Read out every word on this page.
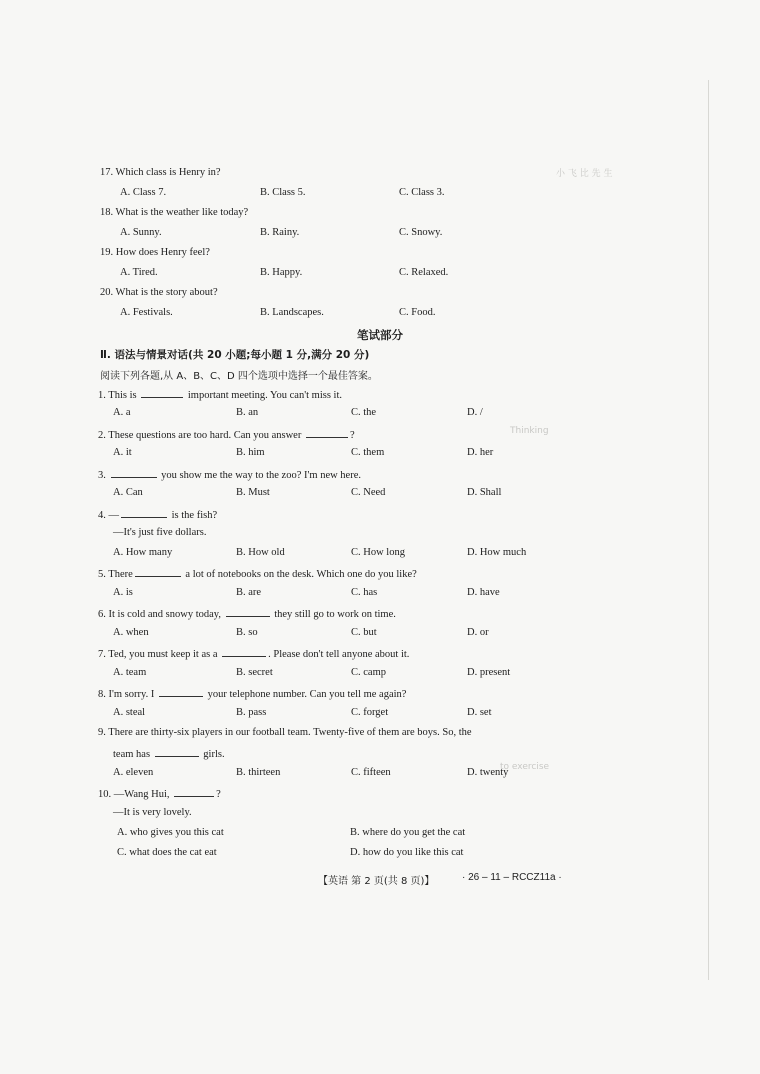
小 飞 比 先 生
Thinking
to exercise
17. Which class is Henry in?
A. Class 7.	B. Class 5.	C. Class 3.
18. What is the weather like today?
A. Sunny.	B. Rainy.	C. Snowy.
19. How does Henry feel?
A. Tired.	B. Happy.	C. Relaxed.
20. What is the story about?
A. Festivals.	B. Landscapes.	C. Food.
笔试部分
Ⅱ. 语法与情景对话(共 20 小题;每小题 1 分,满分 20 分)
阅读下列各题,从 A、B、C、D 四个选项中选择一个最佳答案。
1. This is	important meeting. You can't miss it.
A. a	B. an	C. the	D. /
2. These questions are too hard. Can you answer	?
A. it	B. him	C. them	D. her
3.	you show me the way to the zoo? I'm new here.
A. Can	B. Must	C. Need	D. Shall
4. —	is the fish?
—It's just five dollars.
A. How many	B. How old	C. How long	D. How much
5. There	a lot of notebooks on the desk. Which one do you like?
A. is	B. are	C. has	D. have
6. It is cold and snowy today,	they still go to work on time.
A. when	B. so	C. but	D. or
7. Ted, you must keep it as a	. Please don't tell anyone about it.
A. team	B. secret	C. camp	D. present
8. I'm sorry. I	your telephone number. Can you tell me again?
A. steal	B. pass	C. forget	D. set
9. There are thirty-six players in our football team. Twenty-five of them are boys. So, the
team has	girls.
A. eleven	B. thirteen	C. fifteen	D. twenty
10. —Wang Hui,	?
—It is very lovely.
A. who gives you this cat	B. where do you get the cat
C. what does the cat eat	D. how do you like this cat
【英语 第 2 页(共 8 页)】	· 26 – 11 – RCCZ11a ·
